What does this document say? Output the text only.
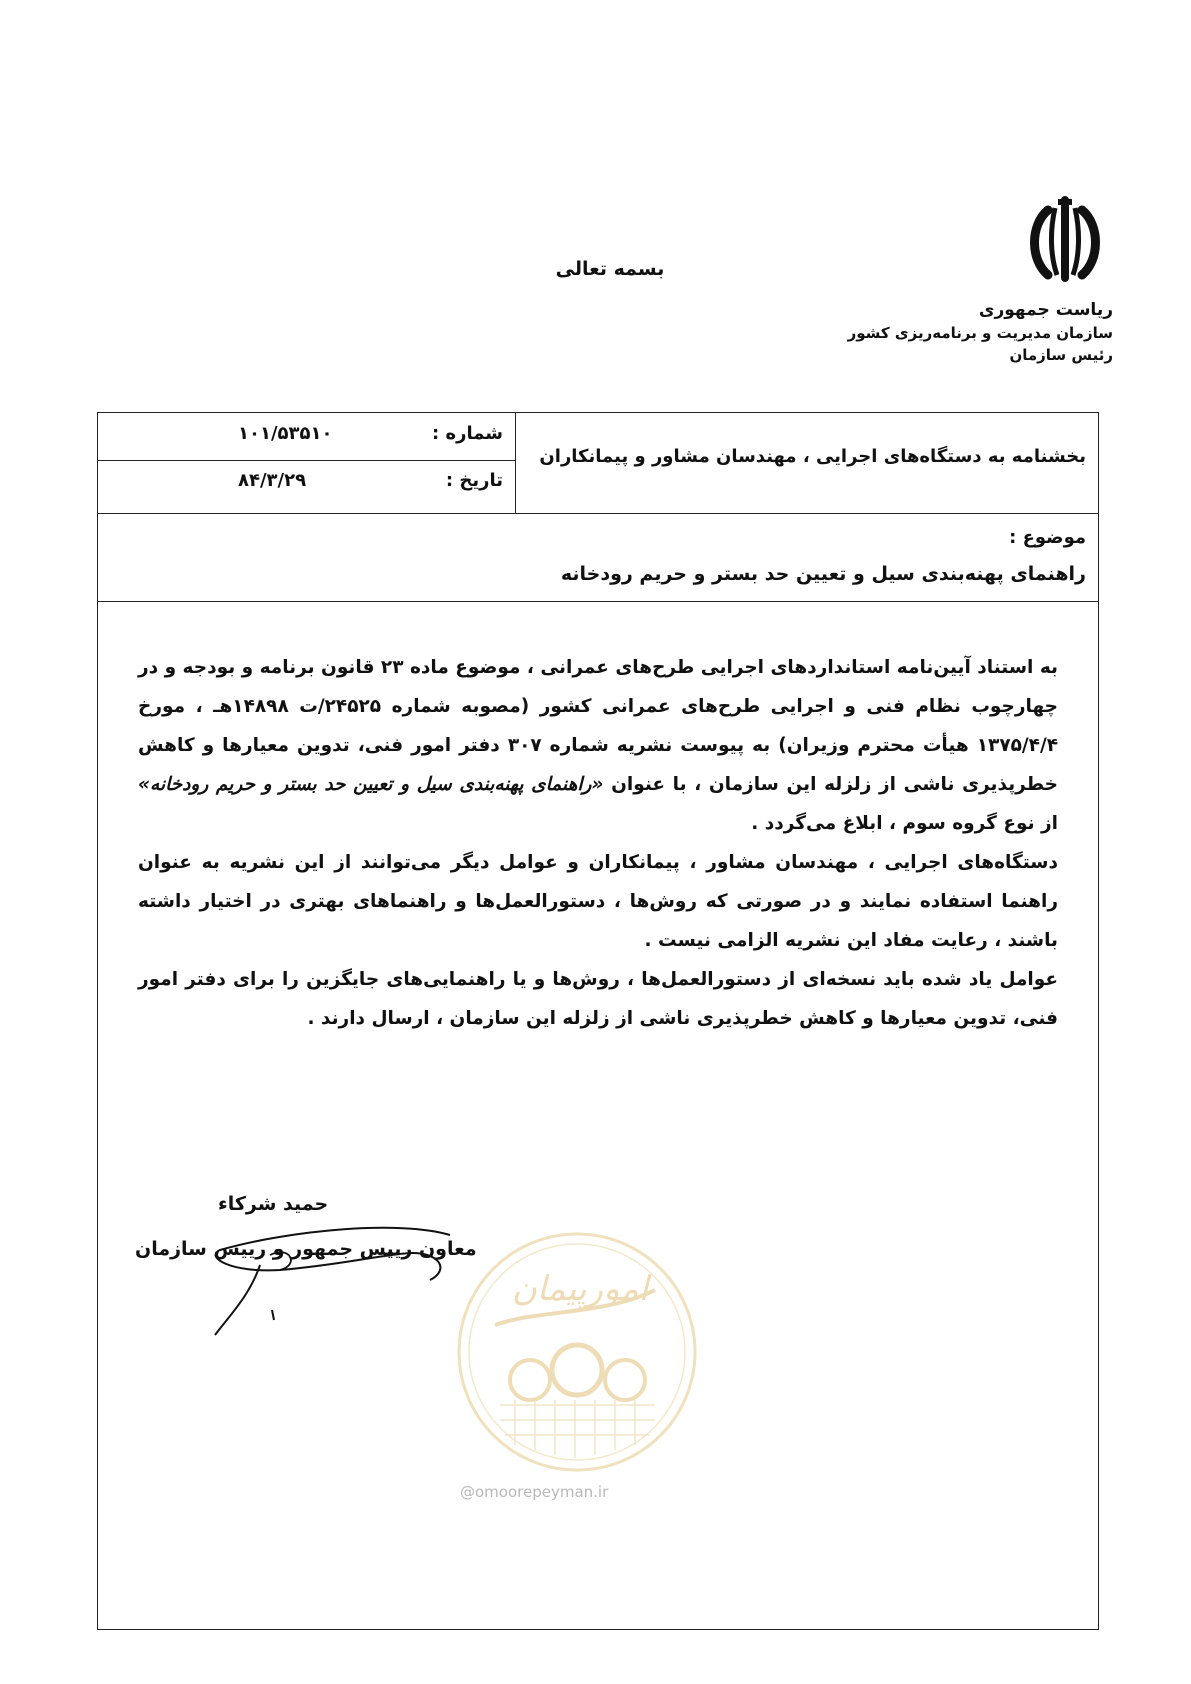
بسمه تعالی
ریاست جمهوری
سازمان مدیریت و برنامه‌ریزی کشور
رئیس سازمان
شماره :
۱۰۱/۵۳۵۱۰
تاریخ :
۸۴/۳/۲۹
بخشنامه به دستگاه‌های اجرایی ، مهندسان مشاور و پیمانکاران
موضوع :
راهنمای پهنه‌بندی سیل و تعیین حد بستر و حریم رودخانه

به استناد آیین‌نامه استانداردهای اجرایی طرح‌های عمرانی ، موضوع ماده ۲۳ قانون برنامه و بودجه و در چهارچوب نظام فنی و اجرایی طرح‌های عمرانی کشور (مصوبه شماره ۲۴۵۲۵/ت ۱۴۸۹۸هـ ، مورخ ۱۳۷۵/۴/۴ هیأت محترم وزیران) به پیوست نشریه شماره ۳۰۷ دفتر امور فنی، تدوین معیارها و کاهش خطرپذیری ناشی از زلزله این سازمان ، با عنوان «راهنمای پهنه‌بندی سیل و تعیین حد بستر و حریم رودخانه» از نوع گروه سوم ، ابلاغ می‌گردد .

دستگاه‌های اجرایی ، مهندسان مشاور ، پیمانکاران و عوامل دیگر می‌توانند از این نشریه به عنوان راهنما استفاده نمایند و در صورتی که روش‌ها ، دستورالعمل‌ها و راهنماهای بهتری در اختیار داشته باشند ، رعایت مفاد این نشریه الزامی نیست .

عوامل یاد شده باید نسخه‌ای از دستورالعمل‌ها ، روش‌ها و یا راهنمایی‌های جایگزین را برای دفتر امور فنی، تدوین معیارها و کاهش خطرپذیری ناشی از زلزله این سازمان ، ارسال دارند .

حمید شرکاء
معاون رییس جمهور و رییس سازمان
امورپیمان
@omoorepeyman.ir
